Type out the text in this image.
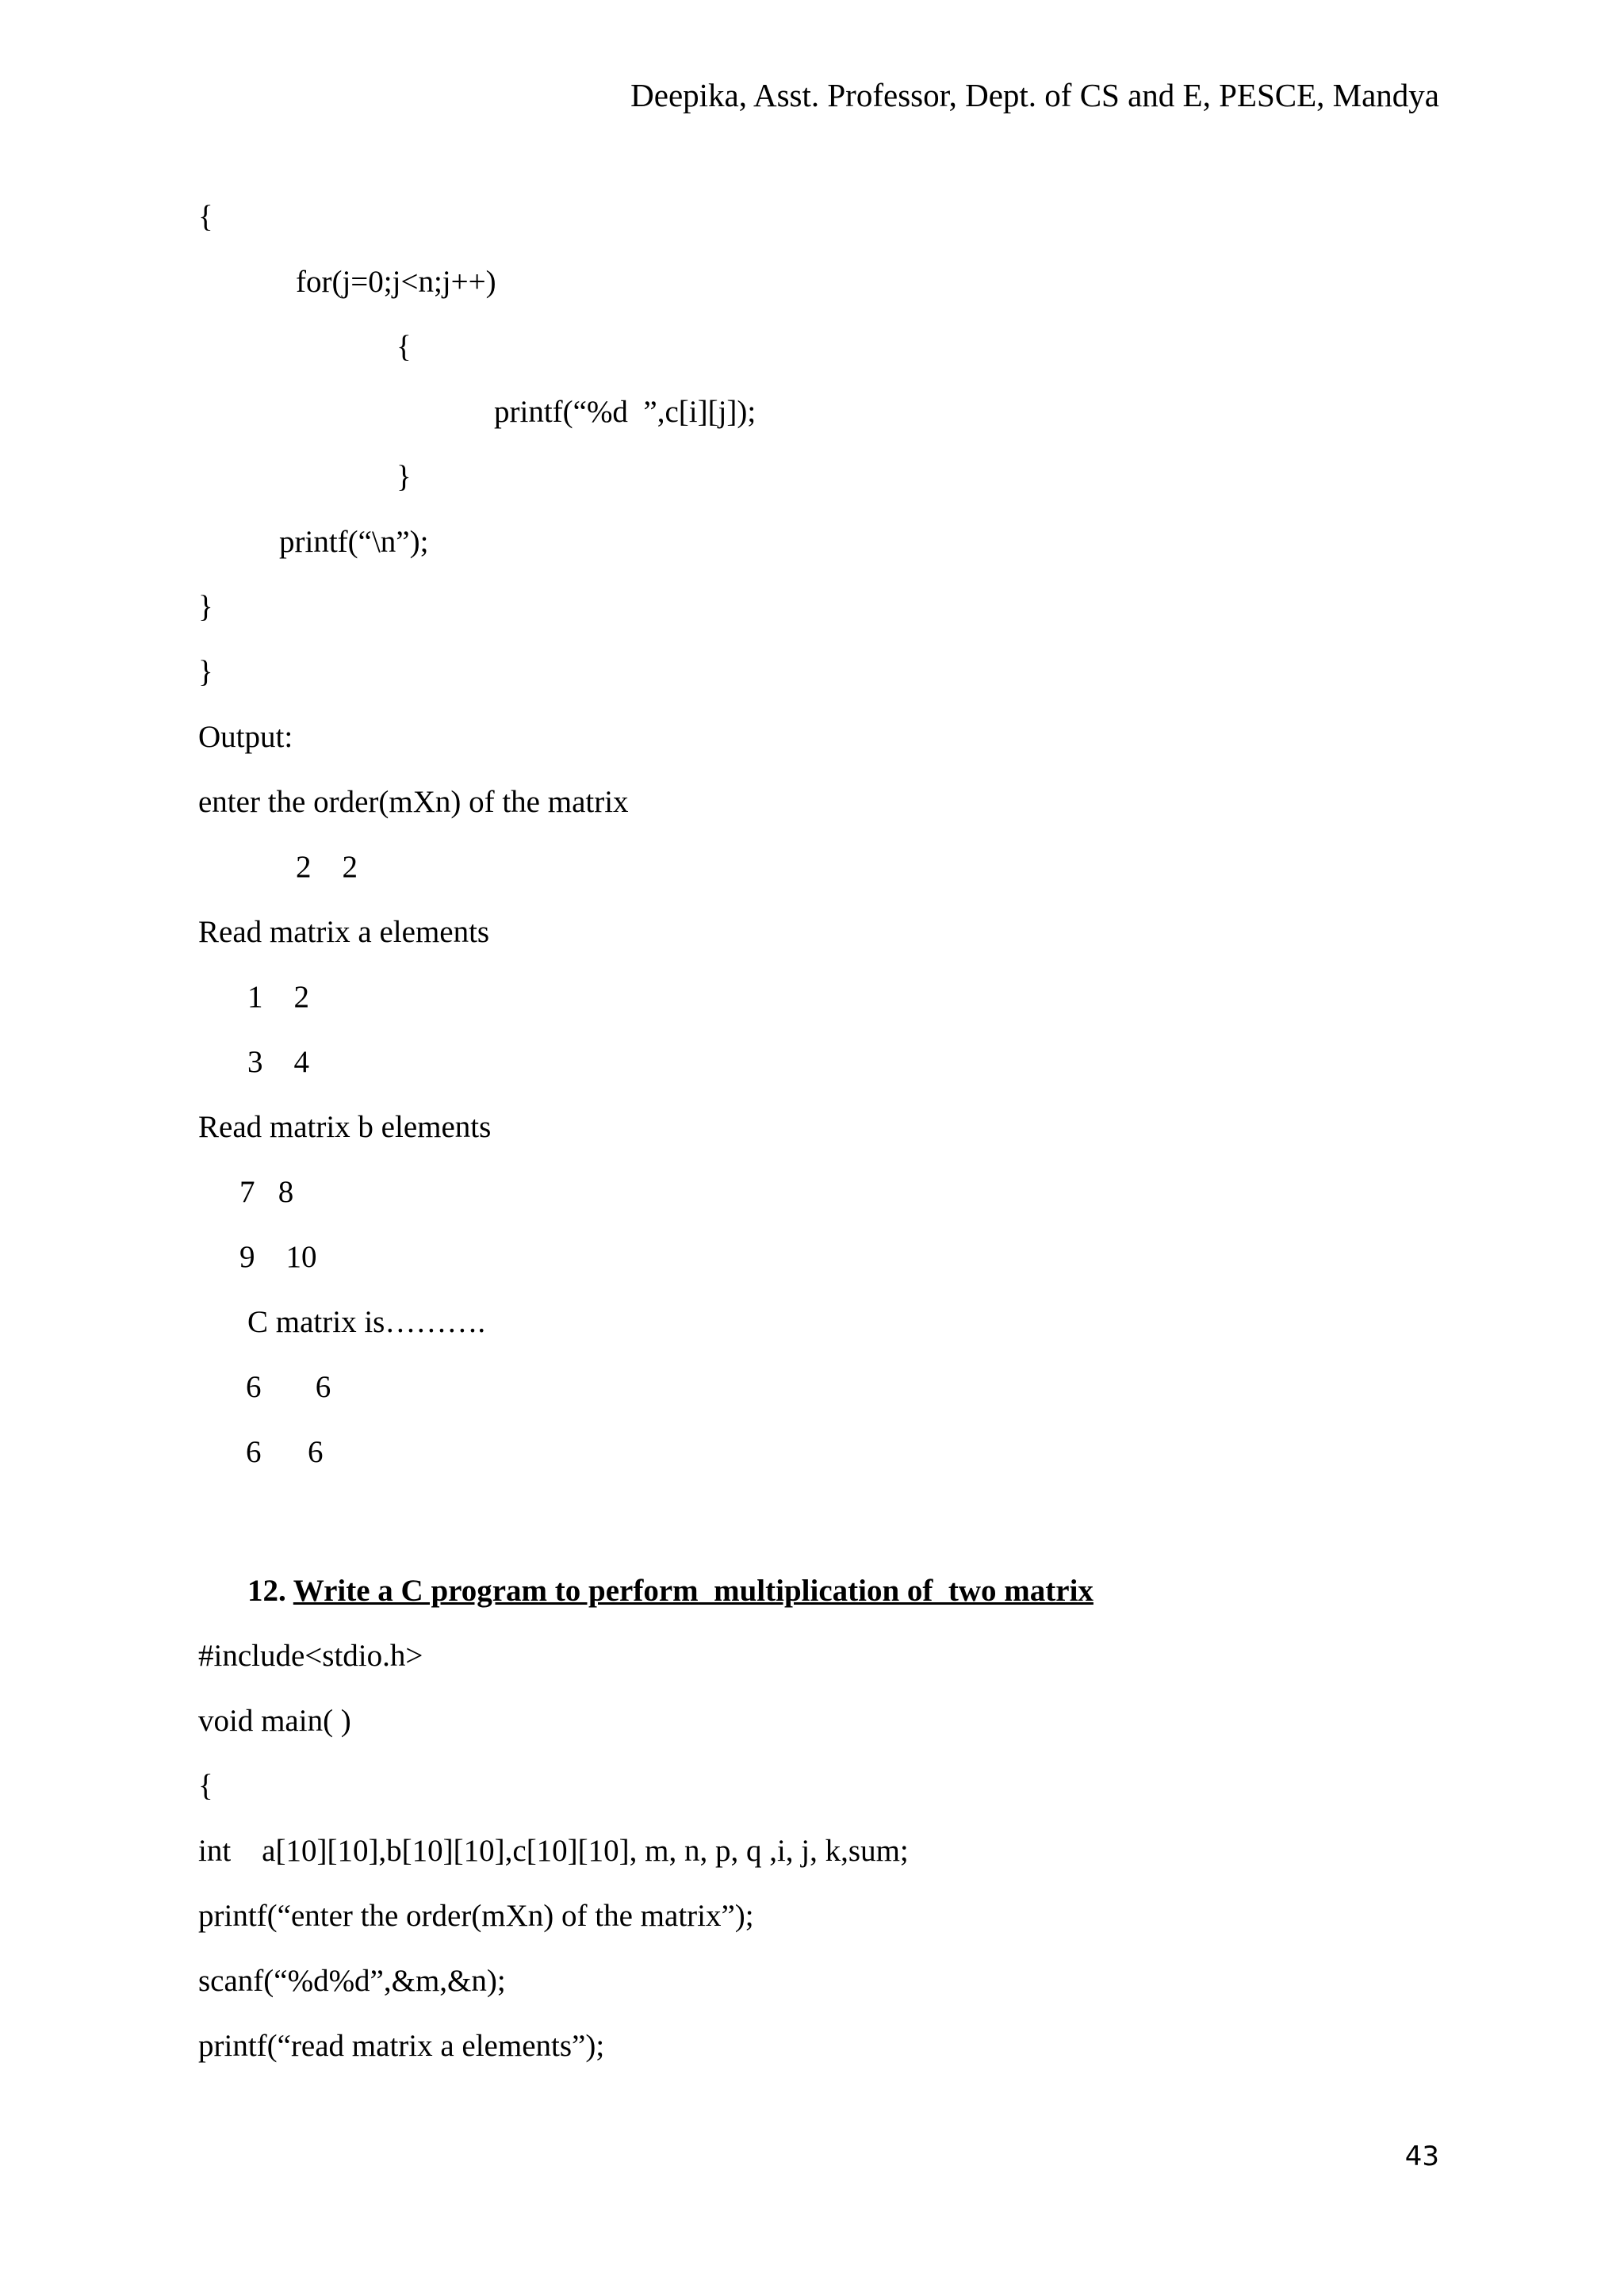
Deepika, Asst. Professor, Dept. of CS and E, PESCE, Mandya
{
for(j=0;j<n;j++)
{
printf(“%d  ”,c[i][j]);
}
printf(“\n”);
}
}
Output:
enter the order(mXn) of the matrix
2    2
Read matrix a elements
1    2
3    4
Read matrix b elements
7   8
9    10
C matrix is……….
6       6
6      6
12. Write a C program to perform  multiplication of  two matrix
#include<stdio.h>
void main( )
{
int    a[10][10],b[10][10],c[10][10], m, n, p, q ,i, j, k,sum;
printf(“enter the order(mXn) of the matrix”);
scanf(“%d%d”,&m,&n);
printf(“read matrix a elements”);
43
